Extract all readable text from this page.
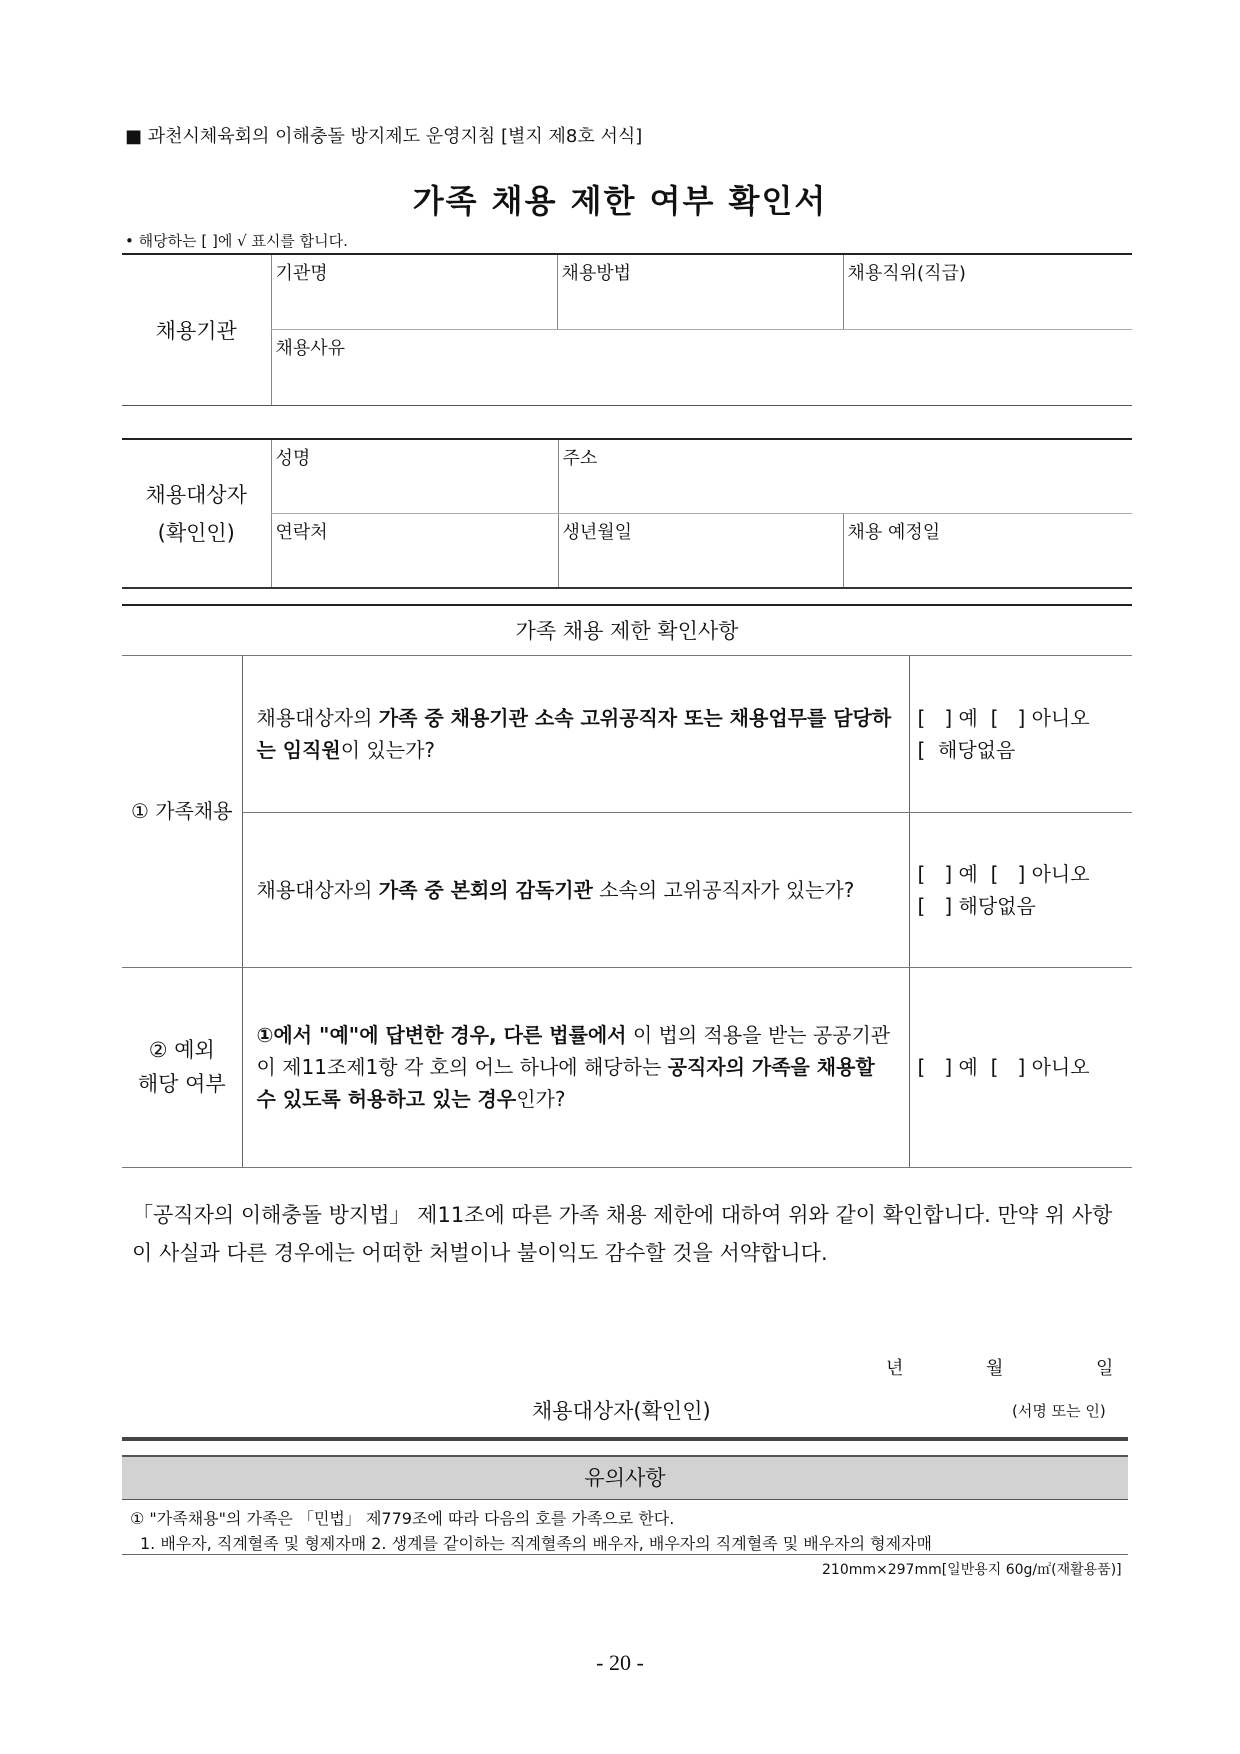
■ 과천시체육회의 이해충돌 방지제도 운영지침 [별지 제8호 서식]
가족 채용 제한 여부 확인서
• 해당하는 [ ]에 √ 표시를 합니다.
채용기관	기관명	채용방법	채용직위(직급)
채용사유
채용대상자
(확인인)	성명	주소	
	연락처	생년월일	채용 예정일
가족 채용 제한 확인사항		
① 가족채용	채용대상자의 가족 중 채용기관 소속 고위공직자 또는 채용업무를 담당하는 임직원이 있는가?	[   ] 예  [   ] 아니오
[  해당없음

	채용대상자의 가족 중 본회의 감독기관 소속의 고위공직자가 있는가?	[   ] 예  [   ] 아니오
[   ] 해당없음

② 예외
해당 여부	①에서 "예"에 답변한 경우, 다른 법률에서 이 법의 적용을 받는 공공기관이 제11조제1항 각 호의 어느 하나에 해당하는 공직자의 가족을 채용할 수 있도록 허용하고 있는 경우인가?	[   ] 예  [   ] 아니오
「공직자의 이해충돌 방지법」 제11조에 따른 가족 채용 제한에 대하여 위와 같이 확인합니다. 만약 위 사항이 사실과 다른 경우에는 어떠한 처벌이나 불이익도 감수할 것을 서약합니다.
년	월	일
채용대상자(확인인)	(서명 또는 인)
유의사항
① "가족채용"의 가족은 「민법」 제779조에 따라 다음의 호를 가족으로 한다.
1. 배우자, 직계혈족 및 형제자매 2. 생계를 같이하는 직계혈족의 배우자, 배우자의 직계혈족 및 배우자의 형제자매
210mm×297mm[일반용지 60g/㎡(재활용품)]
- 20 -
